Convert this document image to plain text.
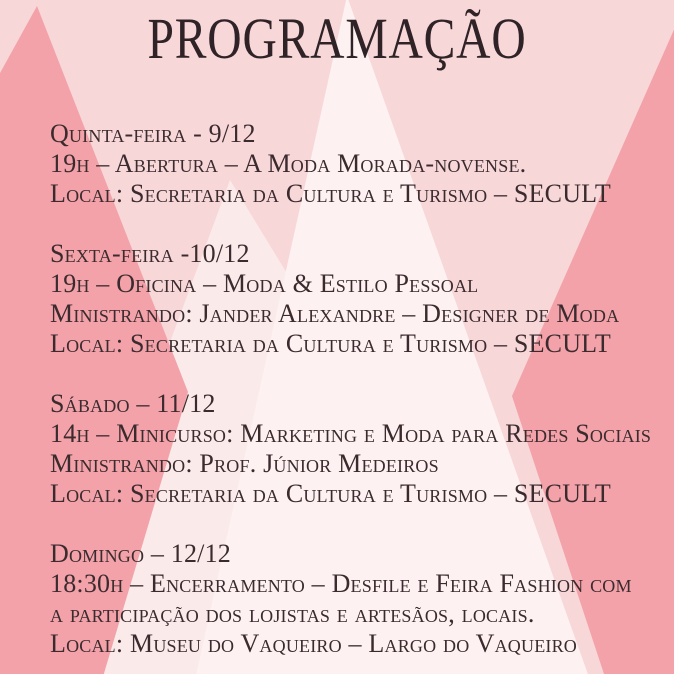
PROGRAMAÇÃO

Quinta-feira - 9/12

19h – Abertura – A Moda Morada-novense.

Local: Secretaria da Cultura e Turismo – SECULT

Sexta-feira -10/12

19h – Oficina – Moda & Estilo Pessoal

Ministrando: Jander Alexandre – Designer de Moda

Local: Secretaria da Cultura e Turismo – SECULT

Sábado – 11/12

14h – Minicurso: Marketing e Moda para Redes Sociais

Ministrando: Prof. Júnior Medeiros

Local: Secretaria da Cultura e Turismo – SECULT

Domingo – 12/12

18:30h – Encerramento – Desfile e Feira Fashion com

a participação dos lojistas e artesãos, locais.

Local: Museu do Vaqueiro – Largo do Vaqueiro
